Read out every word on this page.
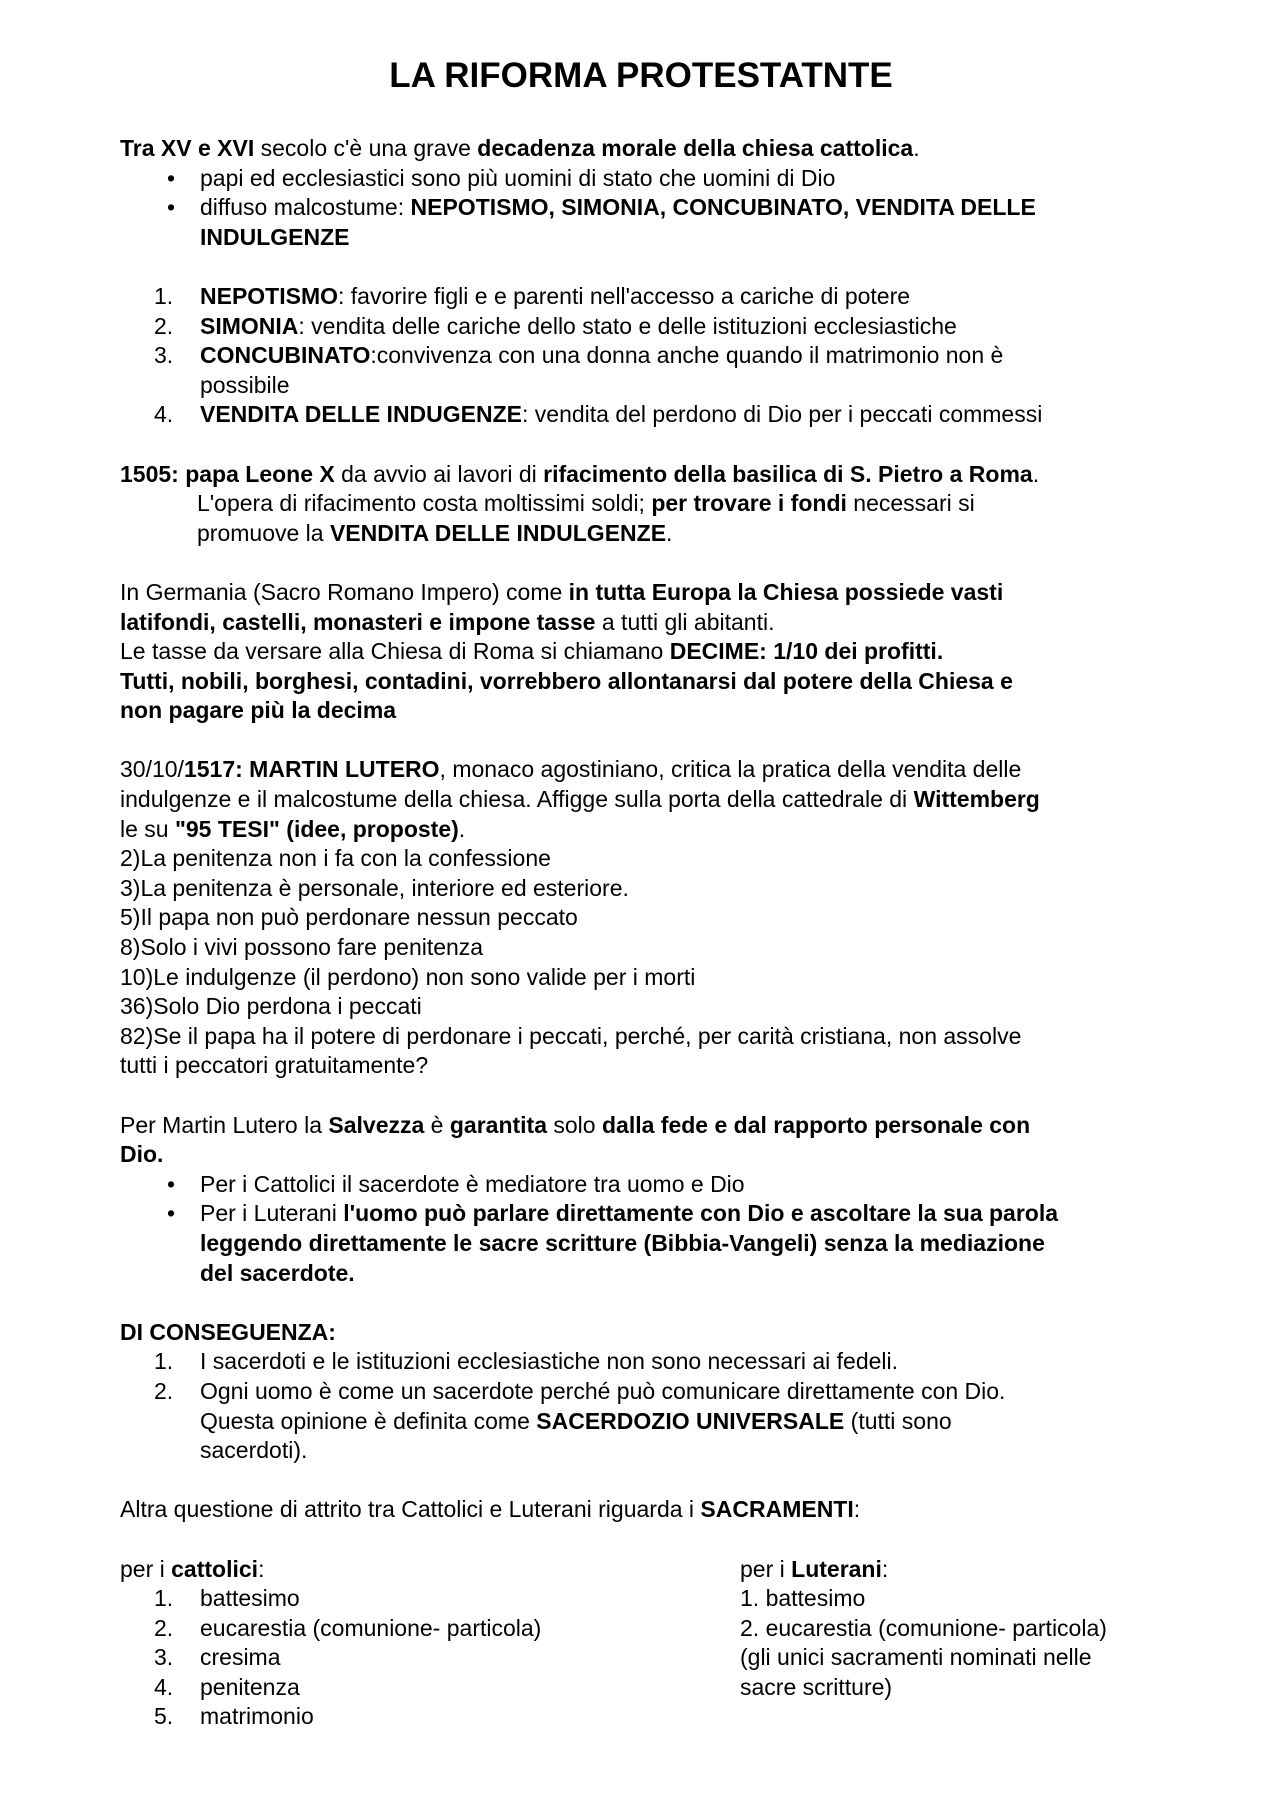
LA RIFORMA PROTESTATNTE
Tra XV e XVI secolo c'è una grave decadenza morale della chiesa cattolica.
•	papi ed ecclesiastici sono più uomini di stato che uomini di Dio
•	diffuso malcostume: NEPOTISMO, SIMONIA, CONCUBINATO, VENDITA DELLE
INDULGENZE
1.	NEPOTISMO: favorire figli e e parenti nell'accesso a cariche di potere
2.	SIMONIA: vendita delle cariche dello stato e delle istituzioni ecclesiastiche
3.	CONCUBINATO:convivenza con una donna anche quando il matrimonio non è
possibile
4.	VENDITA DELLE INDUGENZE: vendita del perdono di Dio per i peccati commessi
1505: papa Leone X da avvio ai lavori di rifacimento della basilica di S. Pietro a Roma.
L'opera di rifacimento costa moltissimi soldi; per trovare i fondi necessari si
promuove la VENDITA DELLE INDULGENZE.
In Germania (Sacro Romano Impero) come in tutta Europa la Chiesa possiede vasti
latifondi, castelli, monasteri e impone tasse a tutti gli abitanti.
Le tasse da versare alla Chiesa di Roma si chiamano DECIME: 1/10 dei profitti.
Tutti, nobili, borghesi, contadini, vorrebbero allontanarsi dal potere della Chiesa e
non pagare più la decima
30/10/1517: MARTIN LUTERO, monaco agostiniano, critica la pratica della vendita delle
indulgenze e il malcostume della chiesa. Affigge sulla porta della cattedrale di Wittemberg
le su "95 TESI" (idee, proposte).
2)La penitenza non i fa con la confessione
3)La penitenza è personale, interiore ed esteriore.
5)Il papa non può perdonare nessun peccato
8)Solo i vivi possono fare penitenza
10)Le indulgenze (il perdono) non sono valide per i morti
36)Solo Dio perdona i peccati
82)Se il papa ha il potere di perdonare i peccati, perché, per carità cristiana, non assolve
tutti i peccatori gratuitamente?
Per Martin Lutero la Salvezza è garantita solo dalla fede e dal rapporto personale con
Dio.
•	Per i Cattolici il sacerdote è mediatore tra uomo e Dio
•	Per i Luterani l'uomo può parlare direttamente con Dio e ascoltare la sua parola
leggendo direttamente le sacre scritture (Bibbia-Vangeli) senza la mediazione
del sacerdote.
DI CONSEGUENZA:
1.	I sacerdoti e le istituzioni ecclesiastiche non sono necessari ai fedeli.
2.	Ogni uomo è come un sacerdote perché può comunicare direttamente con Dio.
Questa opinione è definita come SACERDOZIO UNIVERSALE (tutti sono
sacerdoti).
Altra questione di attrito tra Cattolici e Luterani riguarda i SACRAMENTI:
per i cattolici:
1.	battesimo
2.	eucarestia (comunione- particola)
3.	cresima
4.	penitenza
5.	matrimonio
per i Luterani:
1. battesimo
2. eucarestia (comunione- particola)
(gli unici sacramenti nominati nelle
sacre scritture)
